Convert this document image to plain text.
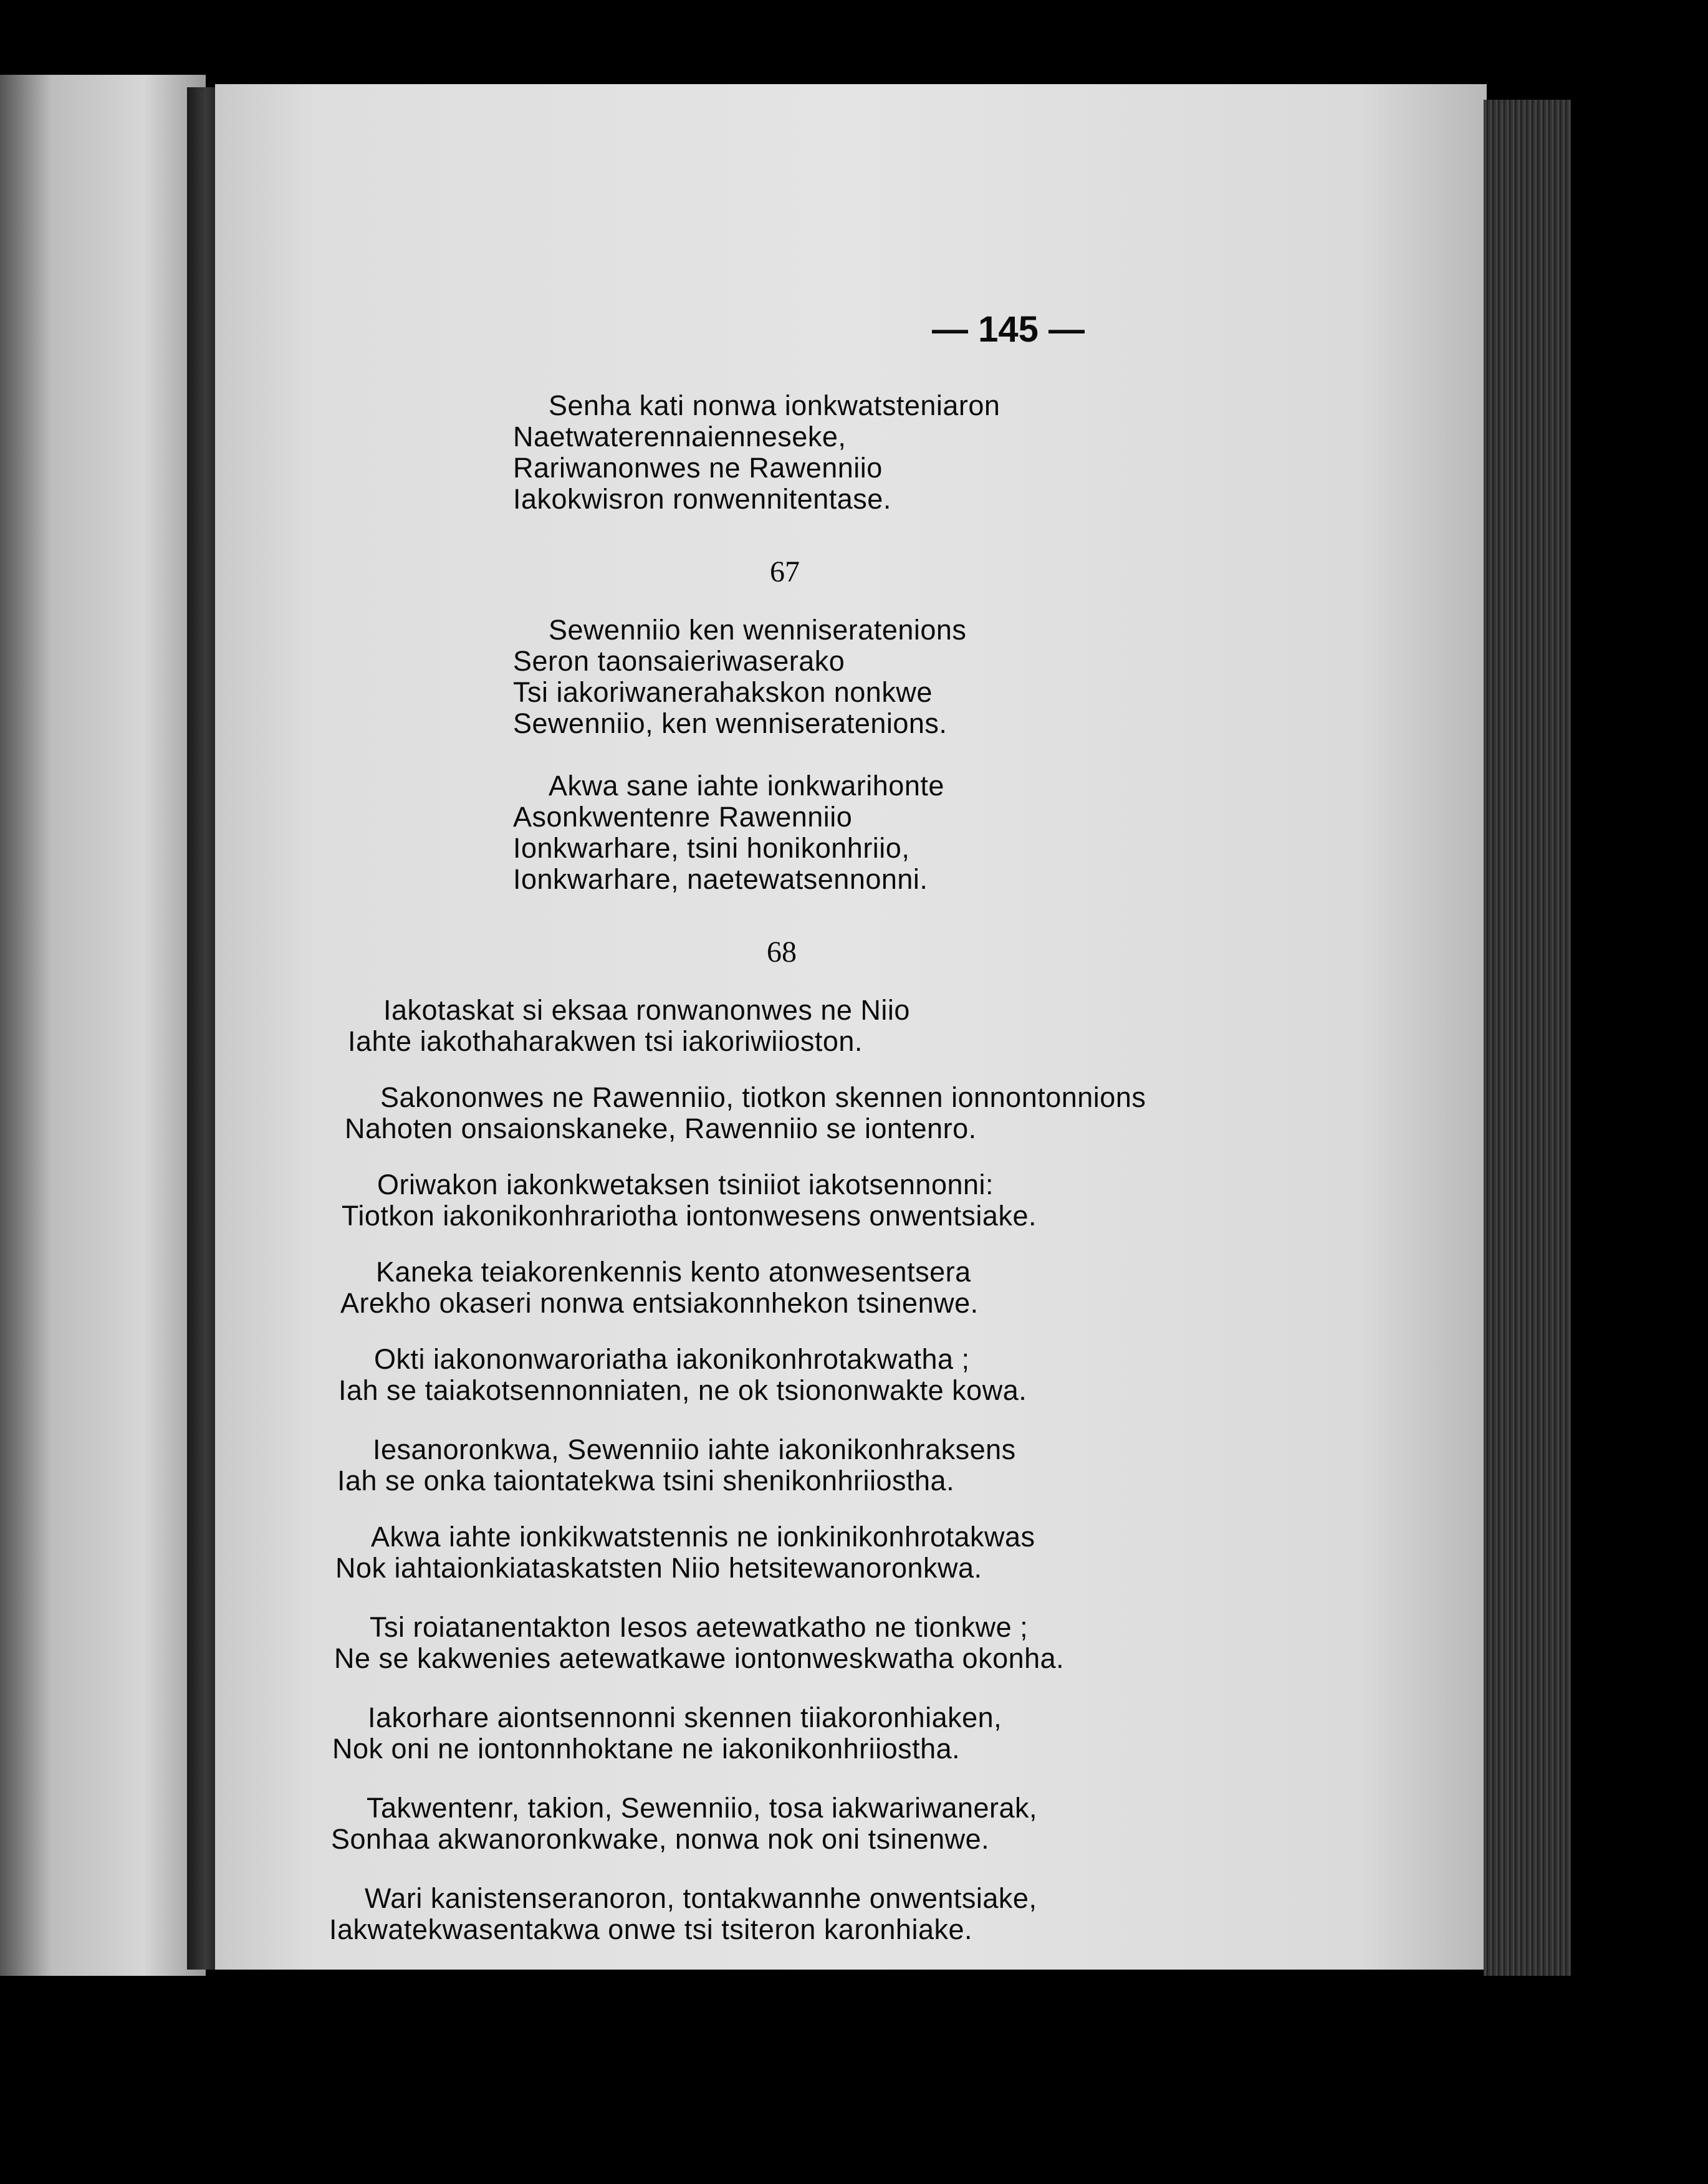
— 145 —
Senha kati nonwa ionkwatsteniaron
Naetwaterennaienneseke,
Rariwanonwes ne Rawenniio
Iakokwisron ronwennitentase.
67
Sewenniio ken wenniseratenions
Seron taonsaieriwaserako
Tsi iakoriwanerahakskon nonkwe
Sewenniio, ken wenniseratenions.
Akwa sane iahte ionkwarihonte
Asonkwentenre Rawenniio
Ionkwarhare, tsini honikonhriio,
Ionkwarhare, naetewatsennonni.
68
Iakotaskat si eksaa ronwanonwes ne Niio
Iahte iakothaharakwen tsi iakoriwiioston.
Sakononwes ne Rawenniio, tiotkon skennen ionnontonnions
Nahoten onsaionskaneke, Rawenniio se iontenro.
Oriwakon iakonkwetaksen tsiniiot iakotsennonni:
Tiotkon iakonikonhrariotha iontonwesens onwentsiake.
Kaneka teiakorenkennis kento atonwesentsera
Arekho okaseri nonwa entsiakonnhekon tsinenwe.
Okti iakononwaroriatha iakonikonhrotakwatha ;
Iah se taiakotsennonniaten, ne ok tsiononwakte kowa.
Iesanoronkwa, Sewenniio iahte iakonikonhraksens
Iah se onka taiontatekwa tsini shenikonhriiostha.
Akwa iahte ionkikwatstennis ne ionkinikonhrotakwas
Nok iahtaionkiataskatsten Niio hetsitewanoronkwa.
Tsi roiatanentakton Iesos aetewatkatho ne tionkwe ;
Ne se kakwenies aetewatkawe iontonweskwatha okonha.
Iakorhare aiontsennonni skennen tiiakoronhiaken,
Nok oni ne iontonnhoktane ne iakonikonhriiostha.
Takwentenr, takion, Sewenniio, tosa iakwariwanerak,
Sonhaa akwanoronkwake, nonwa nok oni tsinenwe.
Wari kanistenseranoron, tontakwannhe onwentsiake,
Iakwatekwasentakwa onwe tsi tsiteron karonhiake.
